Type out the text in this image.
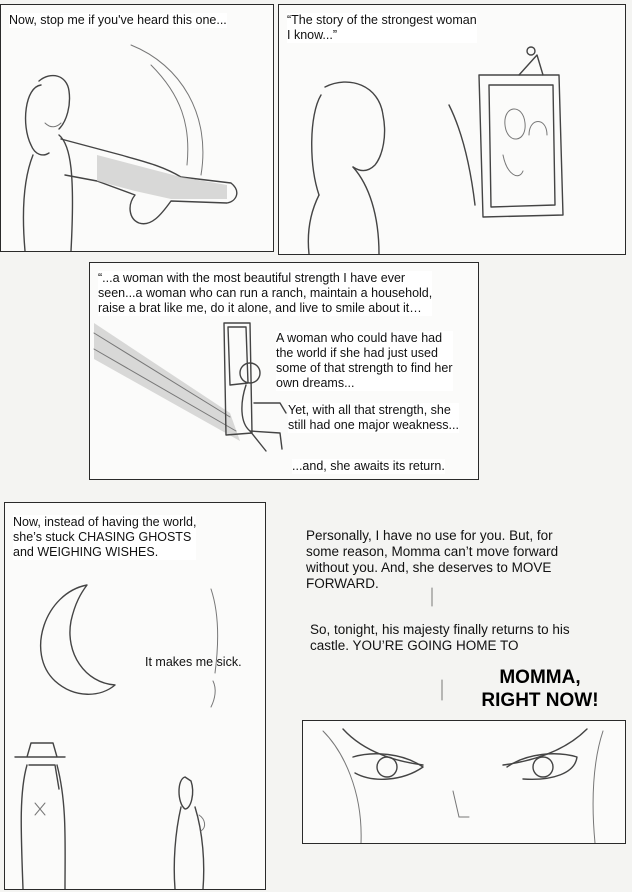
Now, stop me if you've heard this one...	“The story of the strongest woman
I know...”
“...a woman with the most beautiful strength I have ever
seen...a woman who can run a ranch, maintain a household,
raise a brat like me, do it alone, and live to smile about it…
A woman who could have had
the world if she had just used
some of that strength to find her
own dreams...
Yet, with all that strength, she
still had one major weakness...
...and, she awaits its return.
Now, instead of having the world,
she’s stuck CHASING GHOSTS
and WEIGHING WISHES.
It makes me sick.
Personally, I have no use for you. But, for
some reason, Momma can’t move forward
without you. And, she deserves to MOVE
FORWARD.
So, tonight, his majesty finally returns to his
castle. YOU’RE GOING HOME TO
MOMMA,
RIGHT NOW!
